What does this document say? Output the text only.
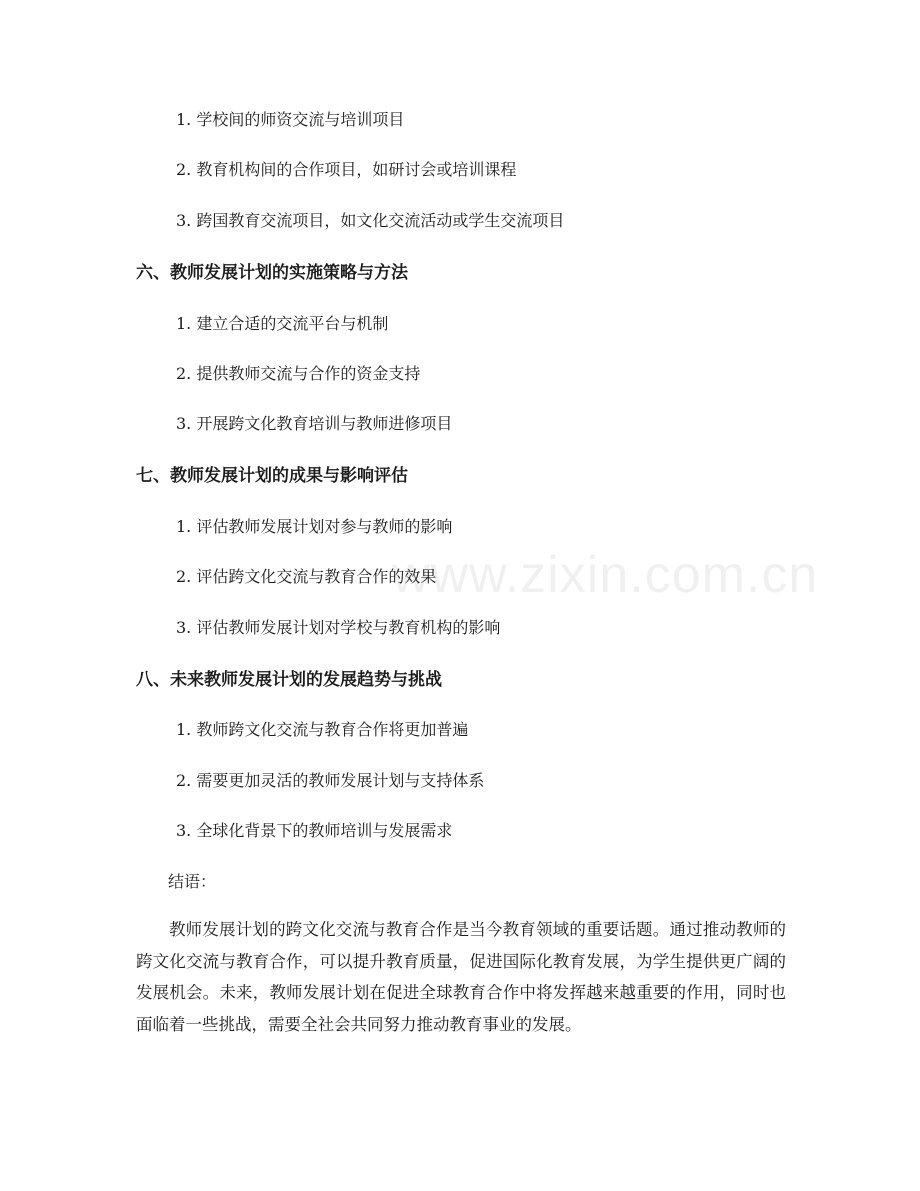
1. 学校间的师资交流与培训项目
2. 教育机构间的合作项目，如研讨会或培训课程
3. 跨国教育交流项目，如文化交流活动或学生交流项目
六、教师发展计划的实施策略与方法
1. 建立合适的交流平台与机制
2. 提供教师交流与合作的资金支持
3. 开展跨文化教育培训与教师进修项目
七、教师发展计划的成果与影响评估
1. 评估教师发展计划对参与教师的影响
2. 评估跨文化交流与教育合作的效果
3. 评估教师发展计划对学校与教育机构的影响
八、未来教师发展计划的发展趋势与挑战
1. 教师跨文化交流与教育合作将更加普遍
2. 需要更加灵活的教师发展计划与支持体系
3. 全球化背景下的教师培训与发展需求
结语：
教师发展计划的跨文化交流与教育合作是当今教育领域的重要话题。通过推动教师的跨文化交流与教育合作，可以提升教育质量，促进国际化教育发展，为学生提供更广阔的发展机会。未来，教师发展计划在促进全球教育合作中将发挥越来越重要的作用，同时也面临着一些挑战，需要全社会共同努力推动教育事业的发展。
www.zixin.com.cn
